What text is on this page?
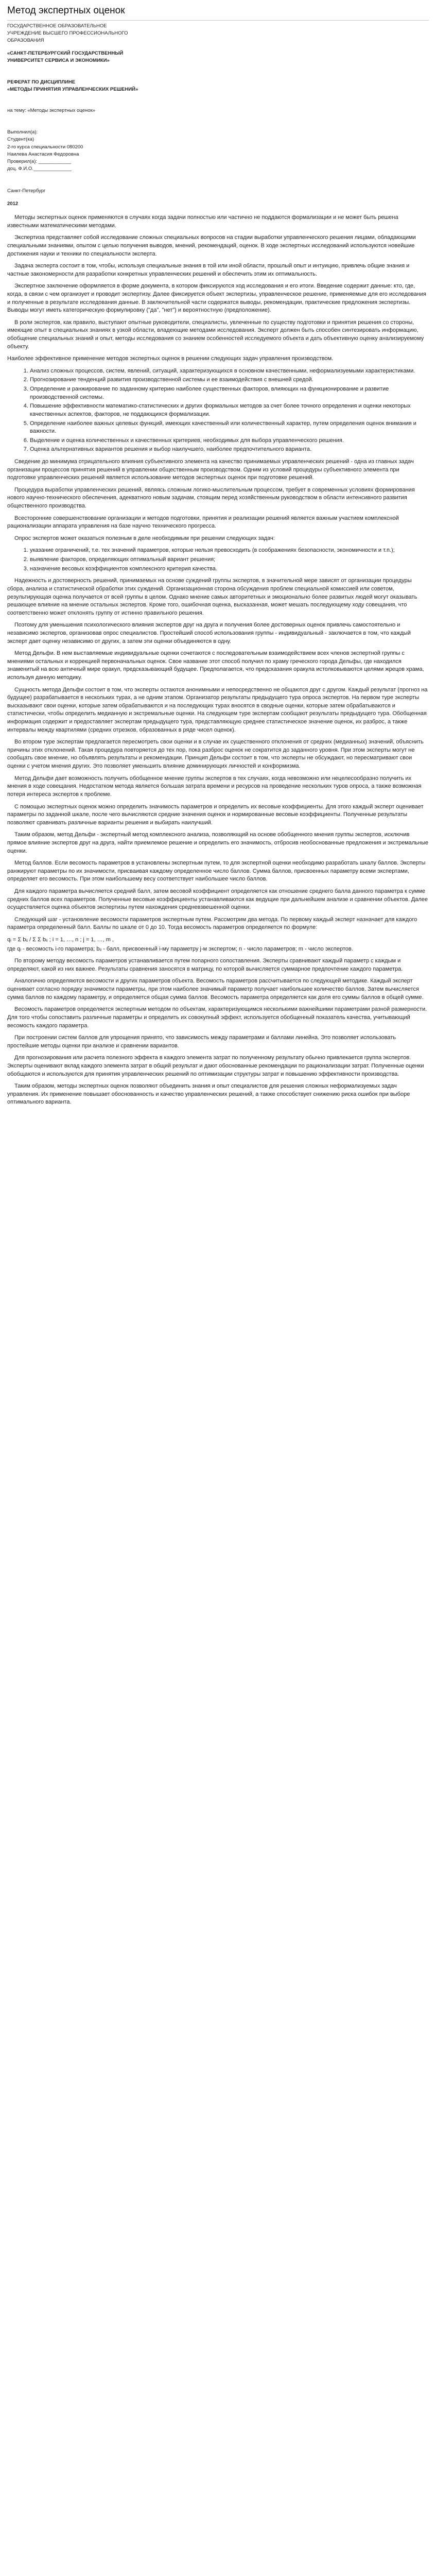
Метод экспертных оценок
ГОСУДАРСТВЕННОЕ ОБРАЗОВАТЕЛЬНОЕ
УЧРЕЖДЕНИЕ ВЫСШЕГО ПРОФЕССИОНАЛЬНОГО
ОБРАЗОВАНИЯ
«САНКТ-ПЕТЕРБУРГСКИЙ ГОСУДАРСТВЕННЫЙ
УНИВЕРСИТЕТ СЕРВИСА И ЭКОНОМИКИ»
РЕФЕРАТ ПО ДИСЦИПЛИНЕ
«МЕТОДЫ ПРИНЯТИЯ УПРАВЛЕНЧЕСКИХ РЕШЕНИЙ»
на тему: «Методы экспертных оценок»
Выполнил(а):
Студент(ка)
2-го курса специальности 080200
Наилева Анастасия Федоровна
Проверил(а): ____________
доц. Ф.И.О.______________
Санкт-Петербург
2012

Методы экспертных оценок применяются в случаях когда задачи полностью или частично не поддаются формализации и не может быть решена известными математическими методами.

Экспертиза представляет собой исследование сложных специальных вопросов на стадии выработки управленческого решения лицами, обладающими специальными знаниями, опытом с целью получения выводов, мнений, рекомендаций, оценок. В ходе экспертных исследований используются новейшие достижения науки и техники по специальности эксперта.

Задача эксперта состоит в том, чтобы, используя специальные знания в той или иной области, прошлый опыт и интуицию, привлечь общие знания и частные закономерности для разработки конкретных управленческих решений и обеспечить этим их оптимальность.

Экспертное заключение оформляется в форме документа, в котором фиксируются ход исследования и его итоги. Введение содержит данные: кто, где, когда, в связи с чем организует и проводит экспертизу. Далее фиксируется объект экспертизы, управленческое решение, применяемые для его исследования и полученные в результате исследования данные. В заключительной части содержатся выводы, рекомендации, практические предложения экспертизы. Выводы могут иметь категорическую формулировку ("да", "нет") и вероятностную (предположение).

В роли экспертов, как правило, выступают опытные руководители, специалисты, увлеченные по существу подготовки и принятия решения со стороны, имеющие опыт в специальных знаниях в узкой области, владеющие методами исследования. Эксперт должен быть способен синтезировать информацию, обобщение специальных знаний и опыт, методы исследования со знанием особенностей исследуемого объекта и дать объективную оценку анализируемому объекту.

Наиболее эффективное применение методов экспертных оценок в решении следующих задач управления производством.

1. Анализ сложных процессов, систем, явлений, ситуаций, характеризующихся в основном качественными, неформализуемыми характеристиками.
2. Прогнозирование тенденций развития производственной системы и ее взаимодействия с внешней средой.
3. Определение и ранжирование по заданному критерию наиболее существенных факторов, влияющих на функционирование и развитие производственной системы.
4. Повышение эффективности математико-статистических и других формальных методов за счет более точного определения и оценки некоторых качественных аспектов, факторов, не поддающихся формализации.
5. Определение наиболее важных целевых функций, имеющих качественный или количественный характер, путем определения оценок внимания и важности.
6. Выделение и оценка количественных и качественных критериев, необходимых для выбора управленческого решения.
7. Оценка альтернативных вариантов решения и выбор наилучшего, наиболее предпочтительного варианта.

Сведение до минимума отрицательного влияния субъективного элемента на качество принимаемых управленческих решений - одна из главных задач организации процессов принятия решений в управлении общественным производством. Одним из условий процедуры субъективного элемента при подготовке управленческих решений является использование методов экспертных оценок при подготовке решений.

Процедура выработки управленческих решений, являясь сложным логико-мыслительным процессом, требует в современных условиях формирования нового научно-технического обеспечения, адекватного новым задачам, стоящим перед хозяйственным руководством в области интенсивного развития общественного производства.

Всесторонние совершенствование организации и методов подготовки, принятия и реализации решений является важным участием комплексной рационализации аппарата управления на базе научно технического прогресса.

Опрос экспертов может оказаться полезным в деле необходимым при решении следующих задач:

1. указание ограничений, т.е. тех значений параметров, которые нельзя превосходить (в соображениях безопасности, экономичности и т.п.);
2. выявление факторов, определяющих оптимальный вариант решения;
3. назначение весовых коэффициентов комплексного критерия качества.

Надежность и достоверность решений, принимаемых на основе суждений группы экспертов, в значительной мере зависят от организации процедуры сбора, анализа и статистической обработки этих суждений. Организационная сторона обсуждения проблем специальной комиссией или советом, результирующая оценка получается от всей группы в целом. Однако мнение самых авторитетных и эмоционально более развитых людей могут оказывать решающее влияние на мнение остальных экспертов. Кроме того, ошибочная оценка, высказанная, может мешать последующему ходу совещания, что соответственно может отклонять группу от истинно правильного решения.

Поэтому для уменьшения психологического влияния экспертов друг на друга и получения более достоверных оценок привлечь самостоятельно и независимо экспертов, организовав опрос специалистов. Простейший способ использования группы - индивидуальный - заключается в том, что каждый эксперт дает оценку независимо от других, а затем эти оценки объединяются в одну.

Метод Дельфи. В нем выставляемые индивидуальные оценки сочетаются с последовательным взаимодействием всех членов экспертной группы с мнениями остальных и коррекцией первоначальных оценок. Свое название этот способ получил по храму греческого города Дельфы, где находился знаменитый на всю античный мире оракул, предсказывающий будущее. Предполагается, что предсказания оракула истолковываются целями жрецов храма, используя данную методику.

Сущность метода Дельфи состоит в том, что эксперты остаются анонимными и непосредственно не общаются друг с другом. Каждый результат (прогноз на будущее) разрабатывается в нескольких турах, а не одним этапом. Организатор результаты предыдущего тура опроса экспертов. На первом туре эксперты высказывают свои оценки, которые затем обрабатываются и на последующих турах вносятся в сводные оценки, которые затем обрабатываются и статистически, чтобы определить медианную и экстремальные оценки. На следующем туре экспертам сообщают результаты предыдущего тура. Обобщенная информация содержит и предоставляет экспертам предыдущего тура, представляющую среднее статистическое значение оценок, их разброс, а также интервалы между квартилями (средних отрезков, образованных в ряде чисел оценок).

Во втором туре экспертам предлагается пересмотреть свои оценки и в случае их существенного отклонения от средних (медианных) значений, объяснить причины этих отклонений. Такая процедура повторяется до тех пор, пока разброс оценок не сократится до заданного уровня. При этом эксперты могут не сообщать свое мнение, но объявлять результаты и рекомендации. Принцип Дельфи состоит в том, что эксперты не обсуждают, но пересматривают свои оценки с учетом мнения других. Это позволяет уменьшить влияние доминирующих личностей и конформизма.

Метод Дельфи дает возможность получить обобщенное мнение группы экспертов в тех случаях, когда невозможно или нецелесообразно получить их мнения в ходе совещания. Недостатком метода является большая затрата времени и ресурсов на проведение нескольких туров опроса, а также возможная потеря интереса экспертов к проблеме.

С помощью экспертных оценок можно определить значимость параметров и определить их весовые коэффициенты. Для этого каждый эксперт оценивает параметры по заданной шкале, после чего вычисляются средние значения оценок и нормированные весовые коэффициенты. Полученные результаты позволяют сравнивать различные варианты решения и выбирать наилучший.

Таким образом, метод Дельфи - экспертный метод комплексного анализа, позволяющий на основе обобщенного мнения группы экспертов, исключив прямое влияние экспертов друг на друга, найти приемлемое решение и определить его значимость, отбросив необоснованные предложения и экстремальные оценки.

Метод баллов. Если весомость параметров в установлены экспертным путем, то для экспертной оценки необходимо разработать шкалу баллов. Эксперты ранжируют параметры по их значимости, присваивая каждому определенное число баллов. Сумма баллов, присвоенных параметру всеми экспертами, определяет его весомость. При этом наибольшему весу соответствует наибольшее число баллов.

Для каждого параметра вычисляется средний балл, затем весовой коэффициент определяется как отношение среднего балла данного параметра к сумме средних баллов всех параметров. Полученные весовые коэффициенты устанавливаются как ведущие при дальнейшем анализе и сравнении объектов. Далее осуществляется оценка объектов экспертизы путем нахождения средневзвешенной оценки.

Следующий шаг - установление весомости параметров экспертным путем. Рассмотрим два метода. По первому каждый эксперт назначает для каждого параметра определенный балл. Баллы по шкале от 0 до 10. Тогда весомость параметров определяется по формуле:

qᵢ = Σ bᵢⱼ / Σ Σ bᵢⱼ ; i = 1, …, n ; j = 1, …, m ,

где qᵢ - весомость i-го параметра; bᵢⱼ - балл, присвоенный i-му параметру j-м экспертом; n - число параметров; m - число экспертов.

По второму методу весомость параметров устанавливается путем попарного сопоставления. Эксперты сравнивают каждый параметр с каждым и определяют, какой из них важнее. Результаты сравнения заносятся в матрицу, по которой вычисляется суммарное предпочтение каждого параметра.

Аналогично определяются весомости и других параметров объекта. Весомость параметров рассчитывается по следующей методике. Каждый эксперт оценивает согласно порядку значимости параметры, при этом наиболее значимый параметр получает наибольшее количество баллов. Затем вычисляется сумма баллов по каждому параметру, и определяется общая сумма баллов. Весомость параметра определяется как доля его суммы баллов в общей сумме.

Весомость параметров определяется экспертным методом по объектам, характеризующимся несколькими важнейшими параметрами разной размерности. Для того чтобы сопоставить различные параметры и определить их совокупный эффект, используется обобщенный показатель качества, учитывающий весомость каждого параметра.

При построении систем баллов для упрощения принято, что зависимость между параметрами и баллами линейна. Это позволяет использовать простейшие методы оценки при анализе и сравнении вариантов.

Для прогнозирования или расчета полезного эффекта в каждого элемента затрат по полученному результату обычно привлекается группа экспертов. Эксперты оценивают вклад каждого элемента затрат в общий результат и дают обоснованные рекомендации по рационализации затрат. Полученные оценки обобщаются и используются для принятия управленческих решений по оптимизации структуры затрат и повышению эффективности производства.

Таким образом, методы экспертных оценок позволяют объединить знания и опыт специалистов для решения сложных неформализуемых задач управления. Их применение повышает обоснованность и качество управленческих решений, а также способствует снижению риска ошибок при выборе оптимального варианта.
